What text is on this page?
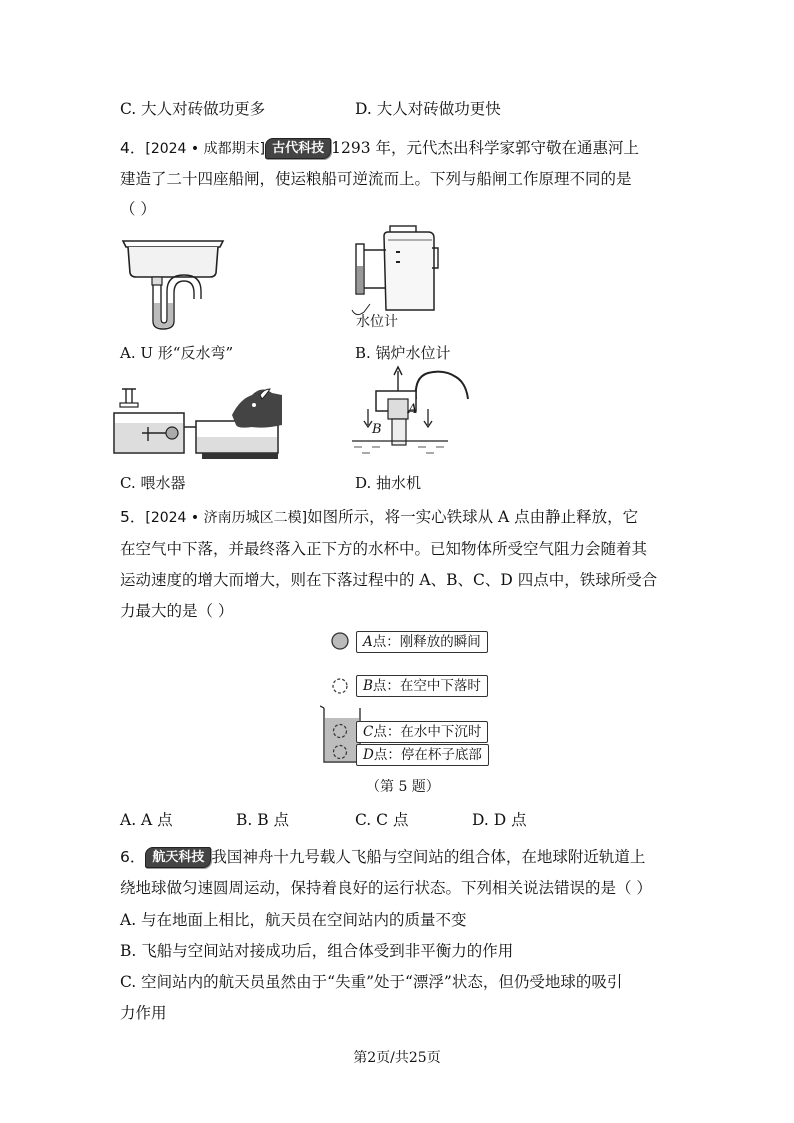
C. 大人对砖做功更多	D. 大人对砖做功更快
4．[2024 • 成都期末] 古代科技 1293 年，元代杰出科学家郭守敬在通惠河上
建造了二十四座船闸，使运粮船可逆流而上。下列与船闸工作原理不同的是
（ ）
A. U 形“反水弯”
水位计
B. 锅炉水位计
C. 喂水器
A
B
D. 抽水机
5．[2024 • 济南历城区二模]如图所示，将一实心铁球从 A 点由静止释放，它
在空气中下落，并最终落入正下方的水杯中。已知物体所受空气阻力会随着其
运动速度的增大而增大，则在下落过程中的 A、B、C、D 四点中，铁球所受合
力最大的是（ ）
A点：刚释放的瞬间
B点：在空中下落时
C点：在水中下沉时
D点：停在杯子底部
（第 5 题）
A. A 点	B. B 点	C. C 点	D. D 点
6． 航天科技 我国神舟十九号载人飞船与空间站的组合体，在地球附近轨道上
绕地球做匀速圆周运动，保持着良好的运行状态。下列相关说法错误的是（ ）
A. 与在地面上相比，航天员在空间站内的质量不变
B. 飞船与空间站对接成功后，组合体受到非平衡力的作用
C. 空间站内的航天员虽然由于“失重”处于“漂浮”状态，但仍受地球的吸引
力作用
第2页/共25页
